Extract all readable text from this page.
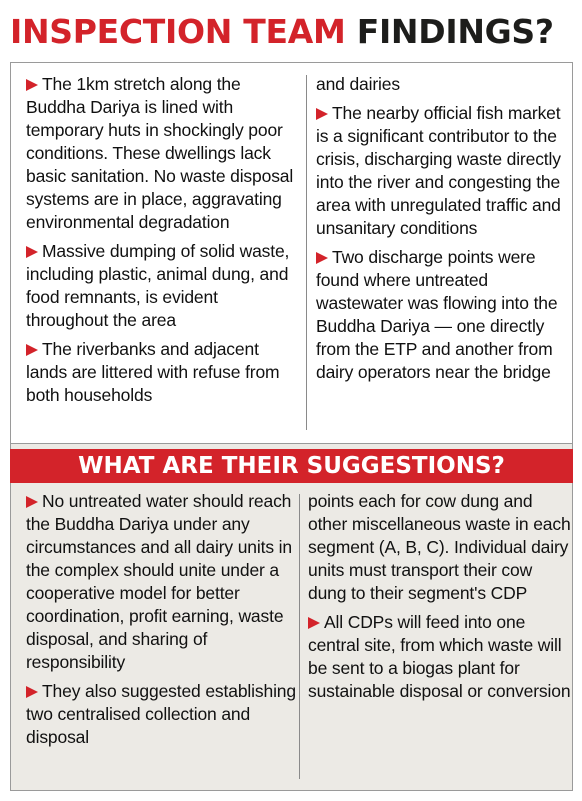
INSPECTION TEAM FINDINGS?

The 1km stretch along the Buddha Dariya is lined with temporary huts in shockingly poor conditions. These dwellings lack basic sanitation. No waste disposal systems are in place, aggravating environmental degradation

Massive dumping of solid waste, including plastic, animal dung, and food remnants, is evident throughout the area

The riverbanks and adjacent lands are littered with refuse from both households

and dairies

The nearby official fish market is a significant contributor to the crisis, discharging waste directly into the river and congesting the area with unregulated traffic and unsanitary conditions

Two discharge points were found where untreated wastewater was flowing into the Buddha Dariya — one directly from the ETP and another from dairy operators near the bridge

No untreated water should reach the Buddha Dariya under any circumstances and all dairy units in the complex should unite under a cooperative model for better coordination, profit earning, waste disposal, and sharing of responsibility

They also suggested establishing two centralised collection and disposal

points each for cow dung and other miscellaneous waste in each segment (A, B, C). Individual dairy units must transport their cow dung to their segment's CDP

All CDPs will feed into one central site, from which waste will be sent to a biogas plant for sustainable disposal or conversion

WHAT ARE THEIR SUGGESTIONS?
